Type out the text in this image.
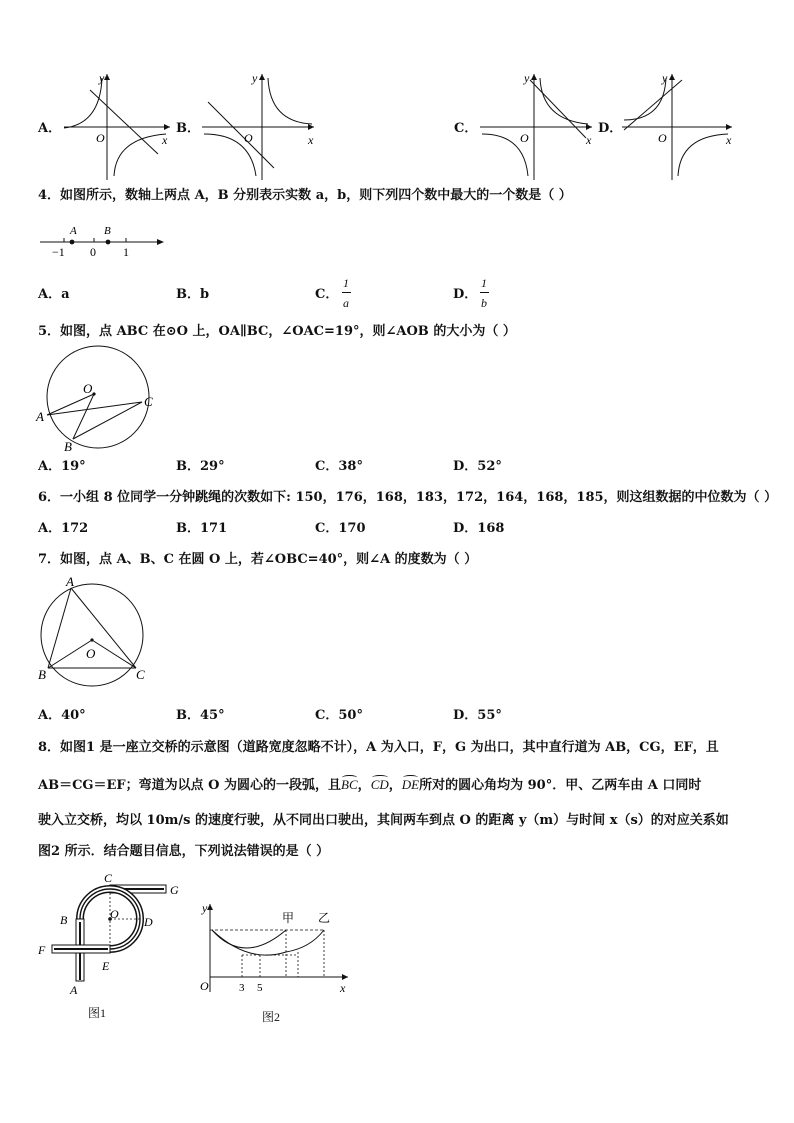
A．
y
x
O
B．
y
x
O
C．
y
x
O
D．
y
x
O
4．如图所示，数轴上两点 A，B 分别表示实数 a，b，则下列四个数中最大的一个数是（ ）
A B
−1 0 1
A．a	B．b	C．
1
a
D．
1
b
5．如图，点 ABC 在⊙O 上，OA∥BC，∠OAC=19°，则∠AOB 的大小为（ ）
O
A
B
C
A．19°	B．29°	C．38°	D．52°
6．一小组 8 位同学一分钟跳绳的次数如下: 150，176，168，183，172，164，168，185，则这组数据的中位数为（ ）
A．172	B．171	C．170	D．168
7．如图，点 A、B、C 在圆 O 上，若∠OBC=40°，则∠A 的度数为（ ）
A
B	C
O
A．40°	B．45°	C．50°	D．55°
8．如图1 是一座立交桥的示意图（道路宽度忽略不计），A 为入口，F，G 为出口，其中直行道为 AB，CG，EF，且
AB＝CG＝EF；弯道为以点 O 为圆心的一段弧，且BC，CD，DE所对的圆心角均为 90°．甲、乙两车由 A 口同时
驶入立交桥，均以 10m/s 的速度行驶，从不同出口驶出，其间两车到点 O 的距离 y（m）与时间 x（s）的对应关系如
图2 所示．结合题目信息，下列说法错误的是（ ）
C
G
B	O
D
F
E
A
图1
y
O	x
3 5
甲 乙
图2
